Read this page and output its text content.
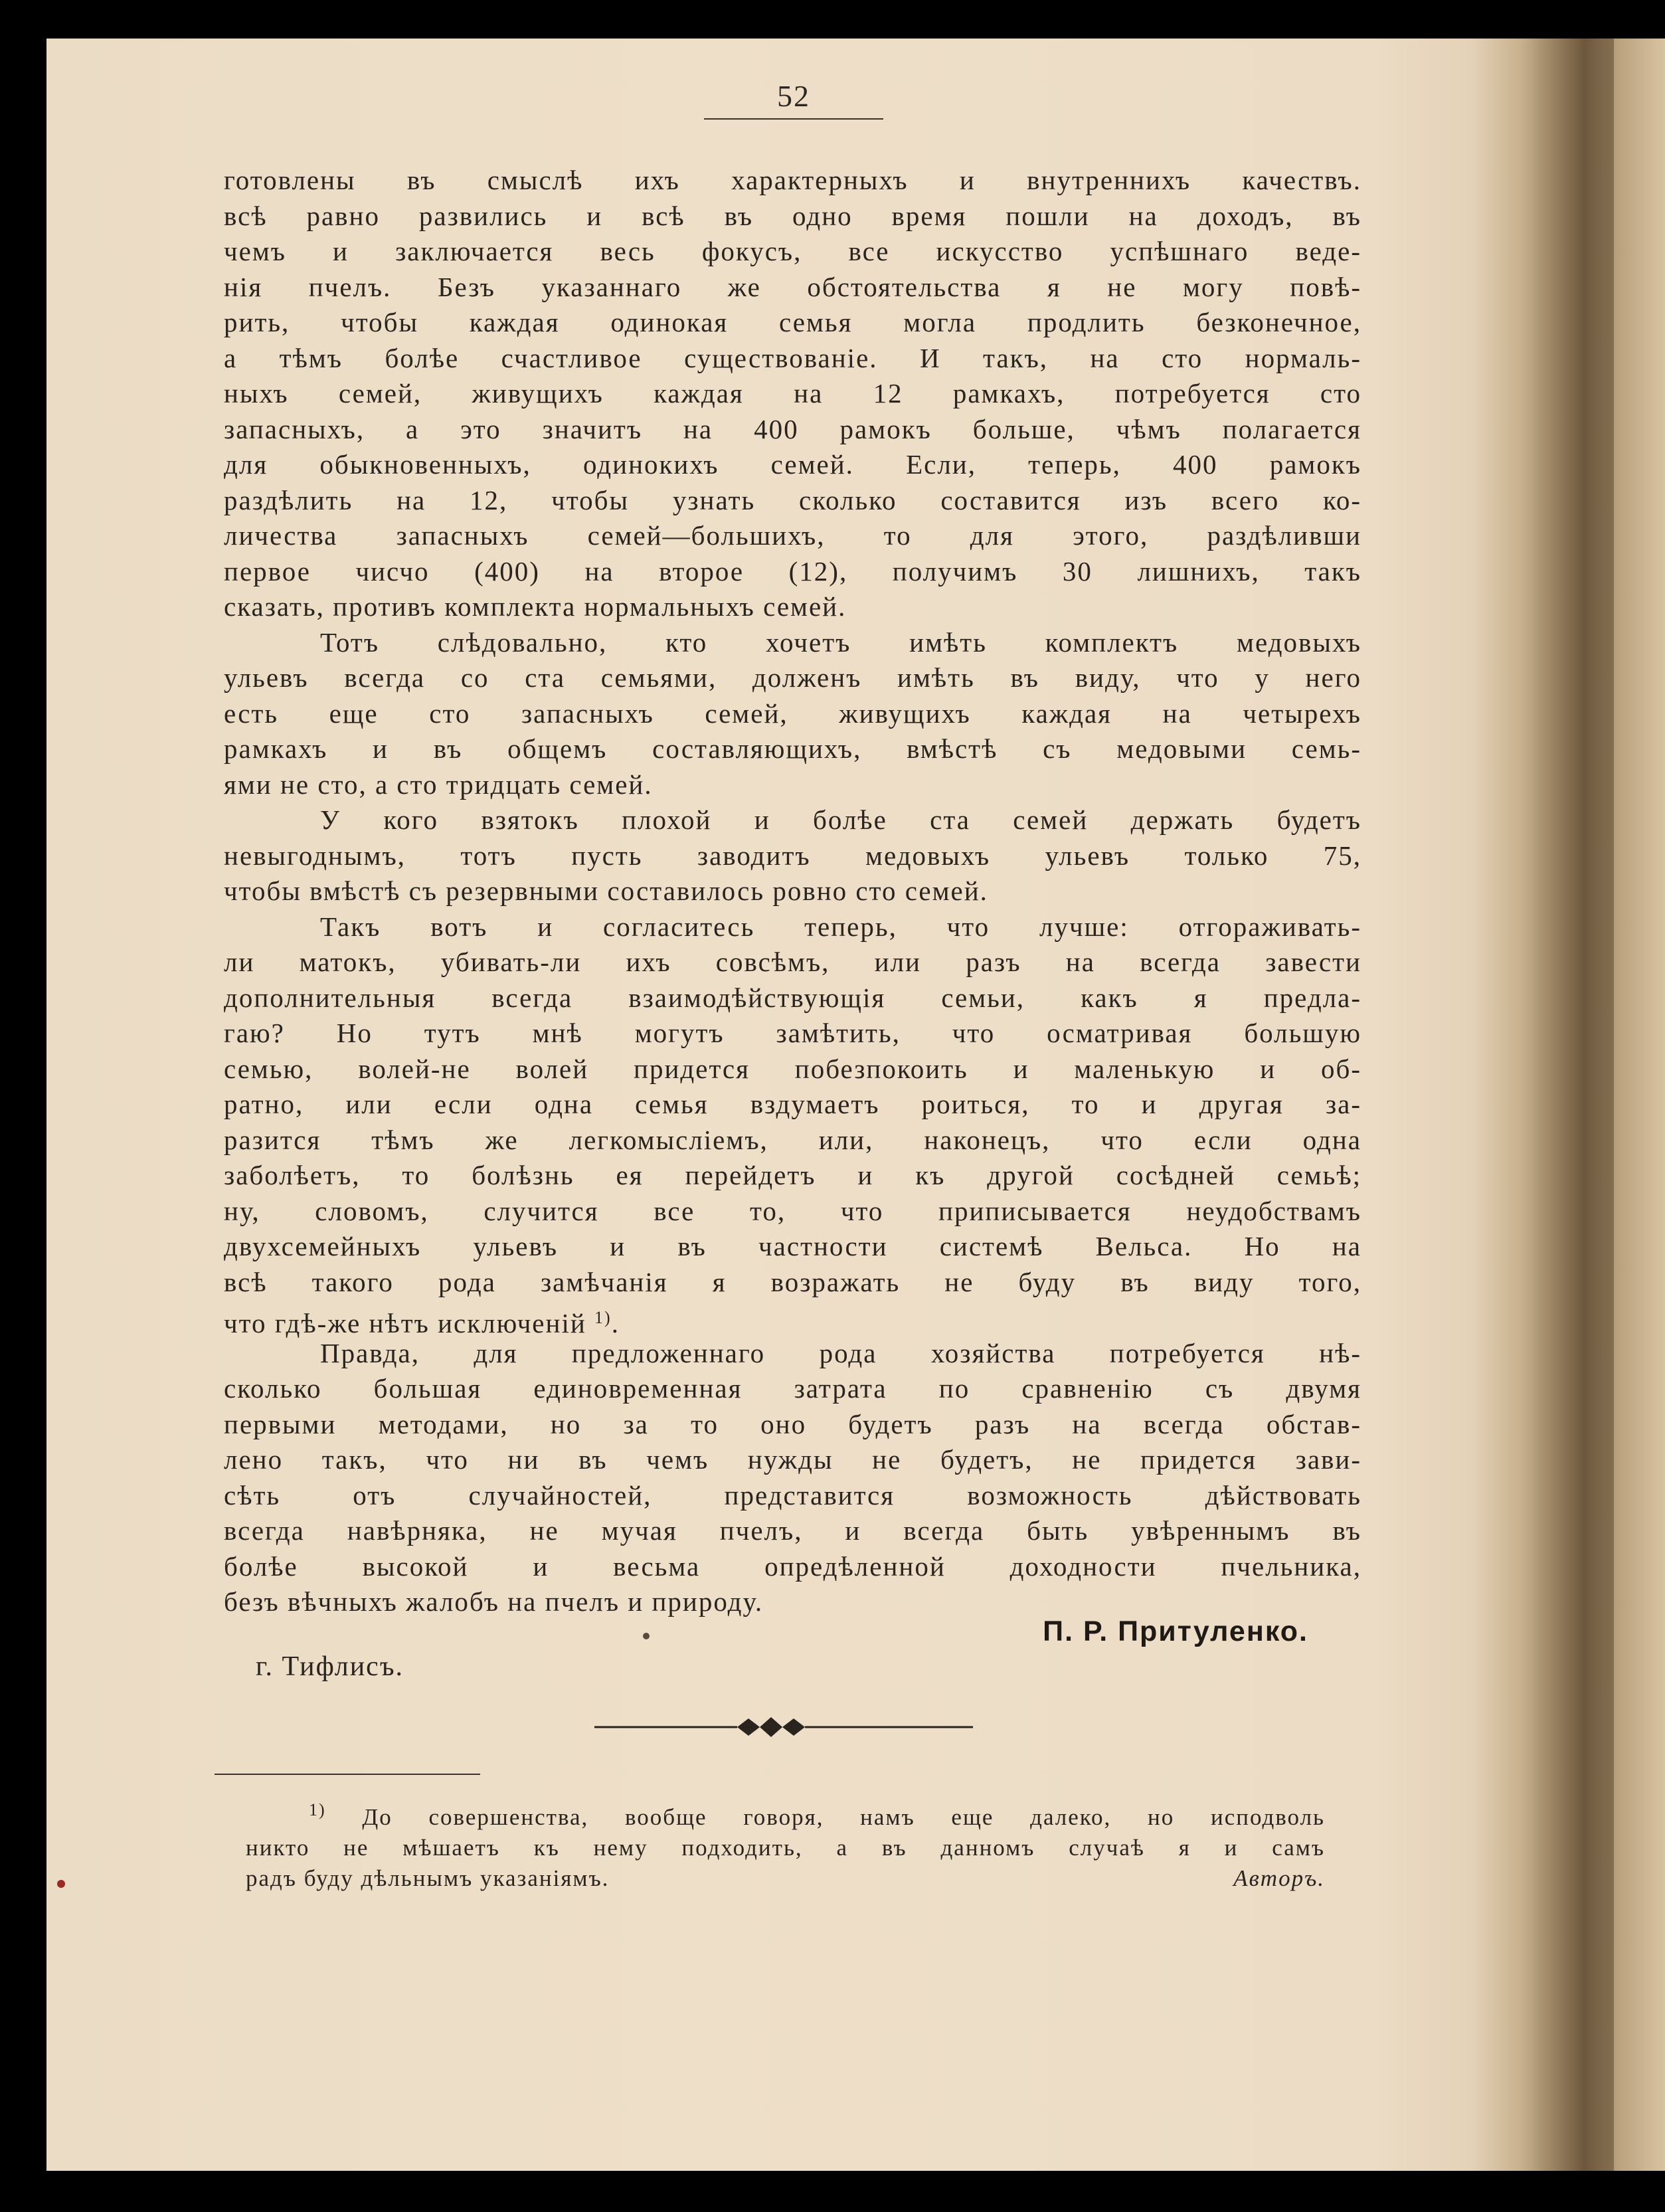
52
готовлены въ смыслѣ ихъ характерныхъ и внутреннихъ качествъ.
всѣ равно развились и всѣ въ одно время пошли на доходъ, въ
чемъ и заключается весь фокусъ, все искусство успѣшнаго веде-
нія пчелъ. Безъ указаннаго же обстоятельства я не могу повѣ-
рить, чтобы каждая одинокая семья могла продлить безконечное,
а тѣмъ болѣе счастливое существованіе. И такъ, на сто нормаль-
ныхъ семей, живущихъ каждая на 12 рамкахъ, потребуется сто
запасныхъ, а это значитъ на 400 рамокъ больше, чѣмъ полагается
для обыкновенныхъ, одинокихъ семей. Если, теперь, 400 рамокъ
раздѣлить на 12, чтобы узнать сколько составится изъ всего ко-
личества запасныхъ семей—большихъ, то для этого, раздѣливши
первое чисчо (400) на второе (12), получимъ 30 лишнихъ, такъ
сказать, противъ комплекта нормальныхъ семей.
Тотъ слѣдовально, кто хочетъ имѣть комплектъ медовыхъ
ульевъ всегда со ста семьями, долженъ имѣть въ виду, что у него
есть еще сто запасныхъ семей, живущихъ каждая на четырехъ
рамкахъ и въ общемъ составляющихъ, вмѣстѣ съ медовыми семь-
ями не сто, а сто тридцать семей.
У кого взятокъ плохой и болѣе ста семей держать будетъ
невыгоднымъ, тотъ пусть заводитъ медовыхъ ульевъ только 75,
чтобы вмѣстѣ съ резервными составилось ровно сто семей.
Такъ вотъ и согласитесь теперь, что лучше: отгораживать-
ли матокъ, убивать-ли ихъ совсѣмъ, или разъ на всегда завести
дополнительныя всегда взаимодѣйствующія семьи, какъ я предла-
гаю? Но тутъ мнѣ могутъ замѣтить, что осматривая большую
семью, волей-не волей придется побезпокоить и маленькую и об-
ратно, или если одна семья вздумаетъ роиться, то и другая за-
разится тѣмъ же легкомысліемъ, или, наконецъ, что если одна
заболѣетъ, то болѣзнь ея перейдетъ и къ другой сосѣдней семьѣ;
ну, словомъ, случится все то, что приписывается неудобствамъ
двухсемейныхъ ульевъ и въ частности системѣ Вельса. Но на
всѣ такого рода замѣчанія я возражать не буду въ виду того,
что гдѣ-же нѣтъ исключеній $^{1)}$.
Правда, для предложеннаго рода хозяйства потребуется нѣ-
сколько большая единовременная затрата по сравненію съ двумя
первыми методами, но за то оно будетъ разъ на всегда обстав-
лено такъ, что ни въ чемъ нужды не будетъ, не придется зави-
сѣть отъ случайностей, представится возможность дѣйствовать
всегда навѣрняка, не мучая пчелъ, и всегда быть увѣреннымъ въ
болѣе высокой и весьма опредѣленной доходности пчельника,
безъ вѣчныхъ жалобъ на пчелъ и природу.
П. Р. Притуленко.
г. Тифлисъ.
$^{1)}$ До совершенства, вообще говоря, намъ еще далеко, но исподволь
никто не мѣшаетъ къ нему подходить, а въ данномъ случаѣ я и самъ
радъ буду дѣльнымъ указаніямъ.	Авторъ.
